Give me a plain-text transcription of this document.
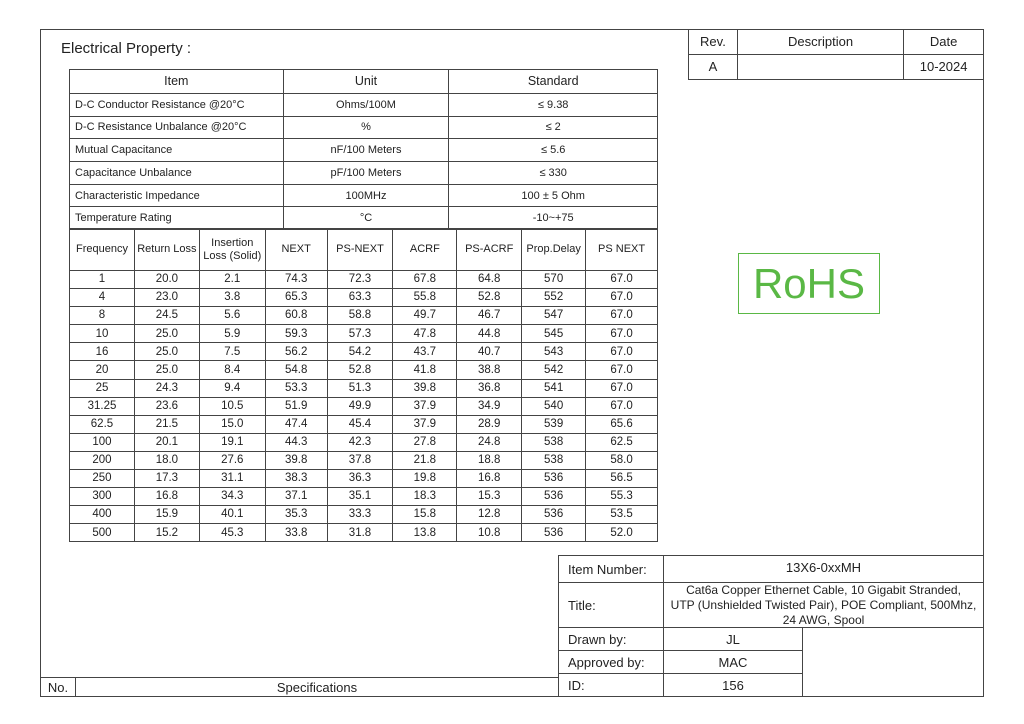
Electrical Property :
Item	Unit	Standard
D-C Conductor Resistance @20°C	Ohms/100M	≤ 9.38
D-C Resistance Unbalance @20°C	%	≤ 2
Mutual Capacitance	nF/100 Meters	≤ 5.6
Capacitance Unbalance	pF/100 Meters	≤ 330
Characteristic Impedance	100MHz	100 ± 5 Ohm
Temperature Rating	°C	-10~+75
Frequency	Return Loss	Insertion Loss (Solid)	NEXT	PS-NEXT	ACRF	PS-ACRF	Prop.Delay	PS NEXT
1	20.0	2.1	74.3	72.3	67.8	64.8	570	67.0
4	23.0	3.8	65.3	63.3	55.8	52.8	552	67.0
8	24.5	5.6	60.8	58.8	49.7	46.7	547	67.0
10	25.0	5.9	59.3	57.3	47.8	44.8	545	67.0
16	25.0	7.5	56.2	54.2	43.7	40.7	543	67.0
20	25.0	8.4	54.8	52.8	41.8	38.8	542	67.0
25	24.3	9.4	53.3	51.3	39.8	36.8	541	67.0
31.25	23.6	10.5	51.9	49.9	37.9	34.9	540	67.0
62.5	21.5	15.0	47.4	45.4	37.9	28.9	539	65.6
100	20.1	19.1	44.3	42.3	27.8	24.8	538	62.5
200	18.0	27.6	39.8	37.8	21.8	18.8	538	58.0
250	17.3	31.1	38.3	36.3	19.8	16.8	536	56.5
300	16.8	34.3	37.1	35.1	18.3	15.3	536	55.3
400	15.9	40.1	35.3	33.3	15.8	12.8	536	53.5
500	15.2	45.3	33.8	31.8	13.8	10.8	536	52.0
Rev.	Description	Date
A		10-2024
RoHS
Item Number:	13X6-0xxMH
Title:
Cat6a Copper Ethernet Cable, 10 Gigabit Stranded,
UTP (Unshielded Twisted Pair), POE Compliant, 500Mhz,
24 AWG, Spool
Drawn by:	JL
Approved by:	MAC
ID:	156
No.	Specifications
